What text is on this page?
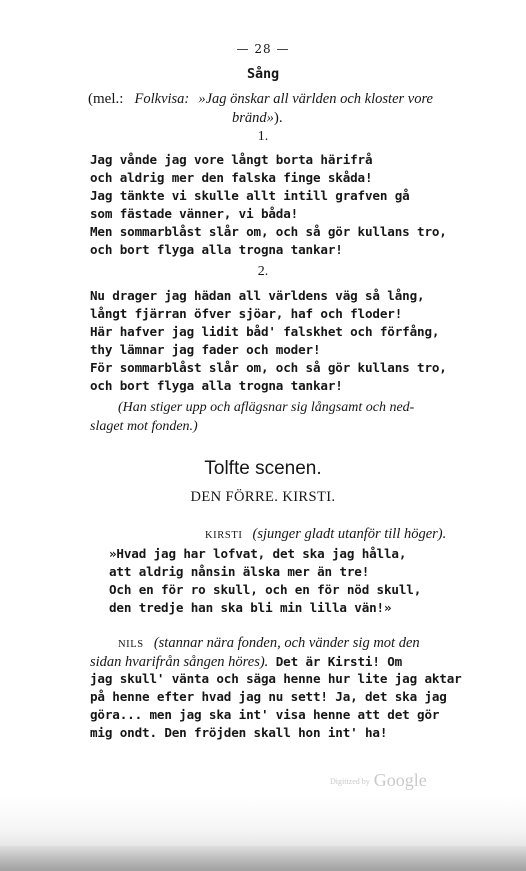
— 28 —
Sång
(mel.: Folkvisa: »Jag önskar all världen och kloster vore
bränd»).
1.
Jag vånde jag vore långt borta härifrå
och aldrig mer den falska finge skåda!
Jag tänkte vi skulle allt intill grafven gå
som fästade vänner, vi båda!
Men sommarblåst slår om, och så gör kullans tro,
och bort flyga alla trogna tankar!
2.
Nu drager jag hädan all världens väg så lång,
långt fjärran öfver sjöar, haf och floder!
Här hafver jag lidit båd' falskhet och förfång,
thy lämnar jag fader och moder!
För sommarblåst slår om, och så gör kullans tro,
och bort flyga alla trogna tankar!
(Han stiger upp och aflägsnar sig långsamt och ned-
slaget mot fonden.)
Tolfte scenen.
DEN FÖRRE. KIRSTI.
KIRSTI (sjunger gladt utanför till höger).
»Hvad jag har lofvat, det ska jag hålla,
att aldrig nånsin älska mer än tre!
Och en för ro skull, och en för nöd skull,
den tredje han ska bli min lilla vän!»
NILS (stannar nära fonden, och vänder sig mot den
sidan hvarifrån sången höres). Det är Kirsti! Om
jag skull' vänta och säga henne hur lite jag aktar
på henne efter hvad jag nu sett! Ja, det ska jag
göra... men jag ska int' visa henne att det gör
mig ondt. Den fröjden skall hon int' ha!
Digitized by Google
